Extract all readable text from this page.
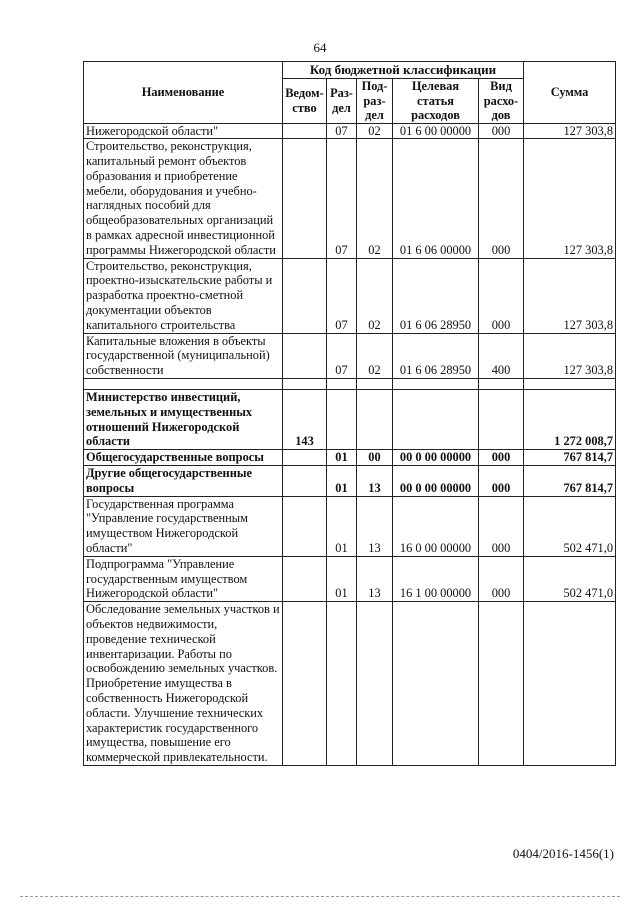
64
Наименование	Код бюджетной классификации					Сумма
	Ведом-ство	Раз-дел	Под-раз-дел	Целевая статья расходов	Вид расхо-дов	
Нижегородской области"		07	02	01 6 00 00000	000	127 303,8
Строительство, реконструкция, капитальный ремонт объектов образования и приобретение мебели, оборудования и учебно-наглядных пособий для общеобразовательных организаций в рамках адресной инвестиционной программы Нижегородской области		07	02	01 6 06 00000	000	127 303,8
Строительство, реконструкция, проектно-изыскательские работы и разработка проектно-сметной документации объектов капитального строительства		07	02	01 6 06 28950	000	127 303,8
Капитальные вложения в объекты государственной (муниципальной) собственности		07	02	01 6 06 28950	400	127 303,8

Министерство инвестиций, земельных и имущественных отношений Нижегородской области	143					1 272 008,7
Общегосударственные вопросы		01	00	00 0 00 00000	000	767 814,7
Другие общегосударственные вопросы		01	13	00 0 00 00000	000	767 814,7
Государственная программа "Управление государственным имуществом Нижегородской области"		01	13	16 0 00 00000	000	502 471,0
Подпрограмма "Управление государственным имуществом Нижегородской области"		01	13	16 1 00 00000	000	502 471,0
Обследование земельных участков и объектов недвижимости, проведение технической инвентаризации. Работы по освобождению земельных участков. Приобретение имущества в собственность Нижегородской области. Улучшение технических характеристик государственного имущества, повышение его коммерческой привлекательности.						
0404/2016-1456(1)
